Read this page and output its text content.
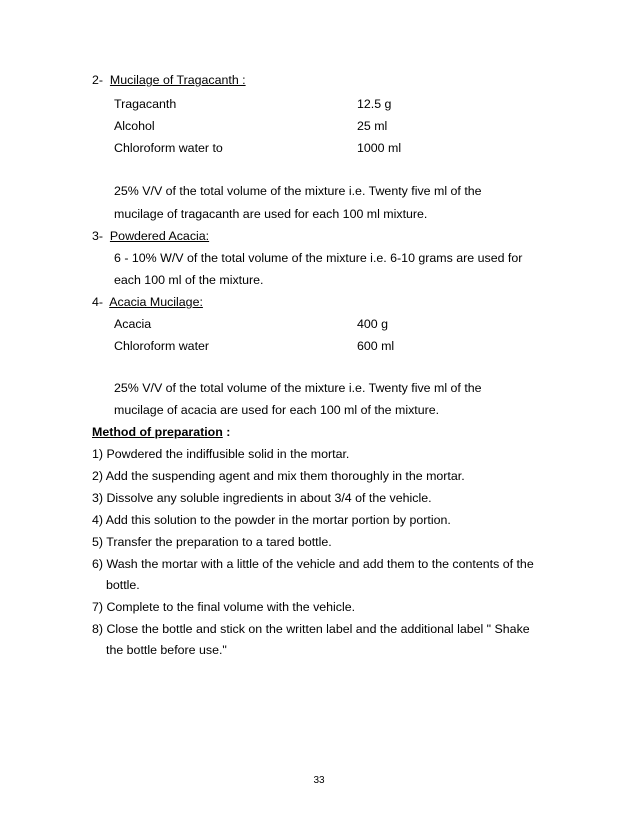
2- Mucilage of Tragacanth :
Tragacanth	12.5 g
Alcohol	25 ml
Chloroform water to	1000 ml
25% V/V of the total volume of the mixture i.e. Twenty five ml of the
mucilage of tragacanth are used for each 100 ml mixture.
3- Powdered Acacia:
6 - 10% W/V of the total volume of the mixture i.e. 6-10 grams are used for
each 100 ml of the mixture.
4- Acacia Mucilage:
Acacia	400 g
Chloroform water	600 ml
25% V/V of the total volume of the mixture i.e. Twenty five ml of the
mucilage of acacia are used for each 100 ml of the mixture.
Method of preparation :
1) Powdered the indiffusible solid in the mortar.
2) Add the suspending agent and mix them thoroughly in the mortar.
3) Dissolve any soluble ingredients in about 3/4 of the vehicle.
4) Add this solution to the powder in the mortar portion by portion.
5) Transfer the preparation to a tared bottle.
6) Wash the mortar with a little of the vehicle and add them to the contents of the
bottle.
7) Complete to the final volume with the vehicle.
8) Close the bottle and stick on the written label and the additional label " Shake
the bottle before use."
33
